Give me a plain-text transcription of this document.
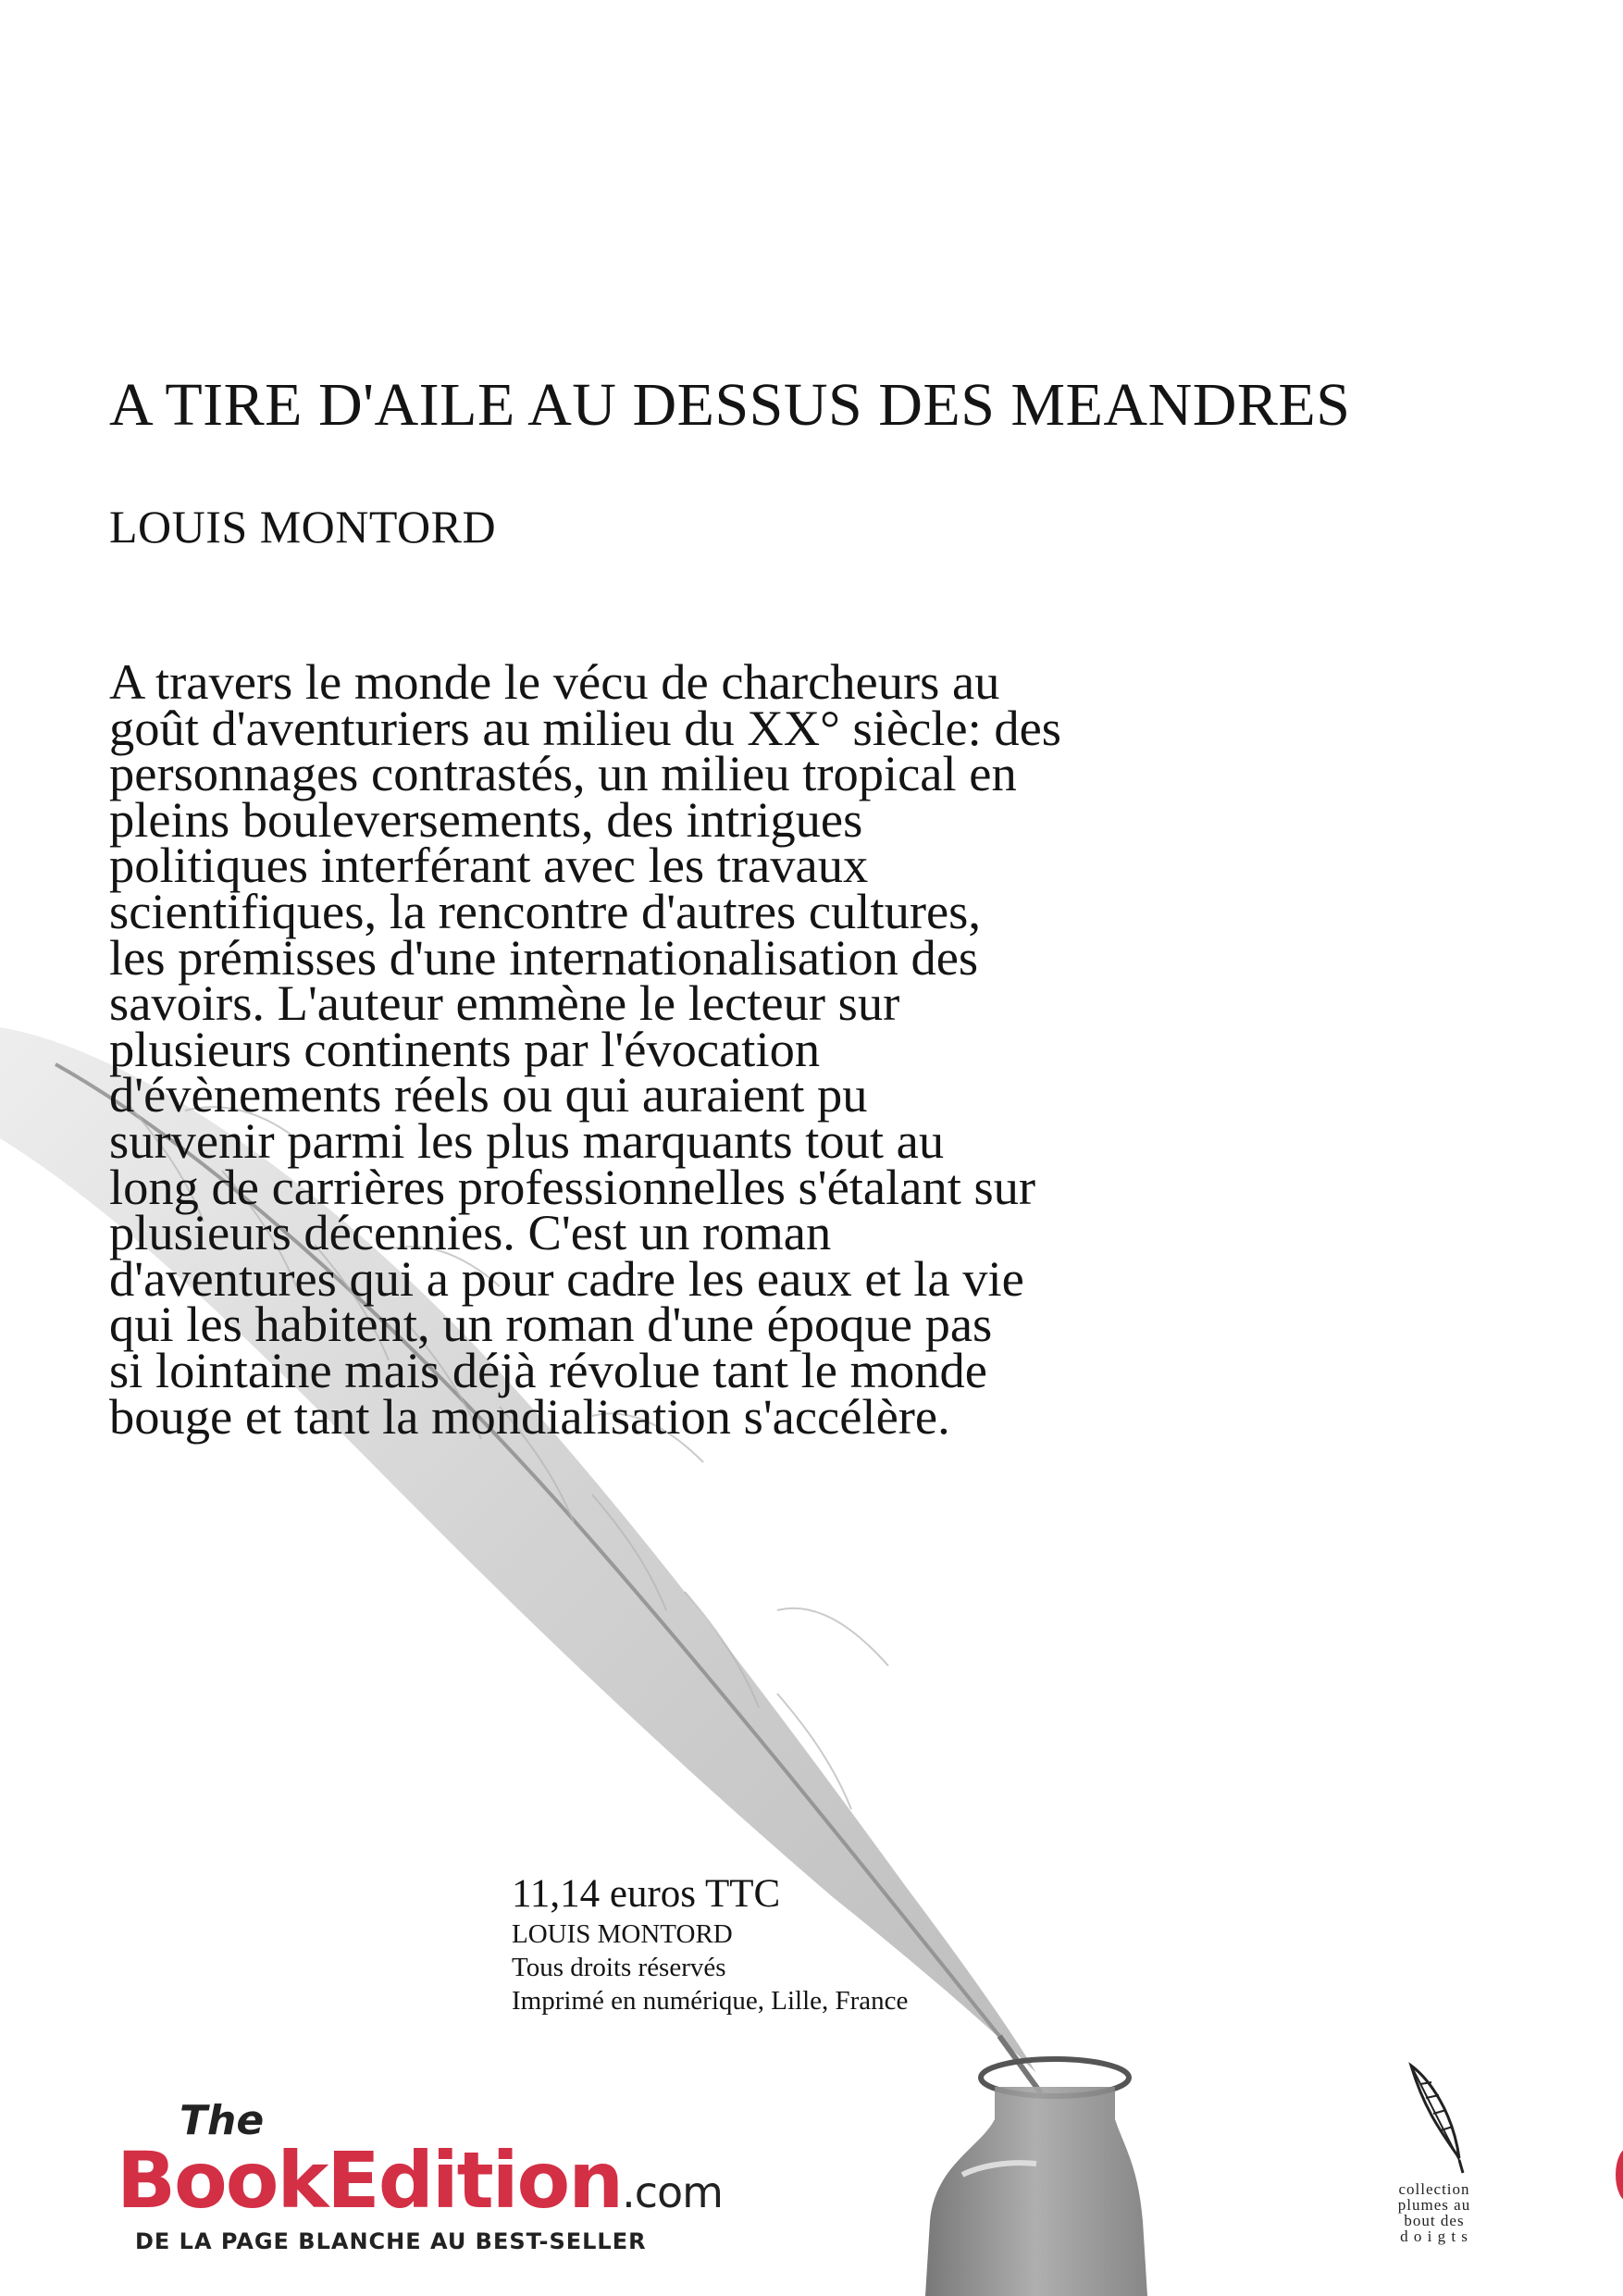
A TIRE D'AILE AU DESSUS DES MEANDRES
LOUIS MONTORD
A travers le monde le vécu de charcheurs au
goût d'aventuriers au milieu du XX° siècle: des
personnages contrastés, un milieu tropical en
pleins bouleversements, des intrigues
politiques interférant avec les travaux
scientifiques, la rencontre d'autres cultures,
les prémisses d'une internationalisation des
savoirs. L'auteur emmène le lecteur sur
plusieurs continents par l'évocation
d'évènements réels ou qui auraient pu
survenir parmi les plus marquants tout au
long de carrières professionnelles s'étalant sur
plusieurs décennies. C'est un roman
d'aventures qui a pour cadre les eaux et la vie
qui les habitent, un roman d'une époque pas
si lointaine mais déjà révolue tant le monde
bouge et tant la mondialisation s'accélère.
11,14 euros TTC
LOUIS MONTORD
Tous droits réservés
Imprimé en numérique, Lille, France
The
BookEdition.com
DE LA PAGE BLANCHE AU BEST-SELLER
collection
plumes au
bout des
d o i g t s
